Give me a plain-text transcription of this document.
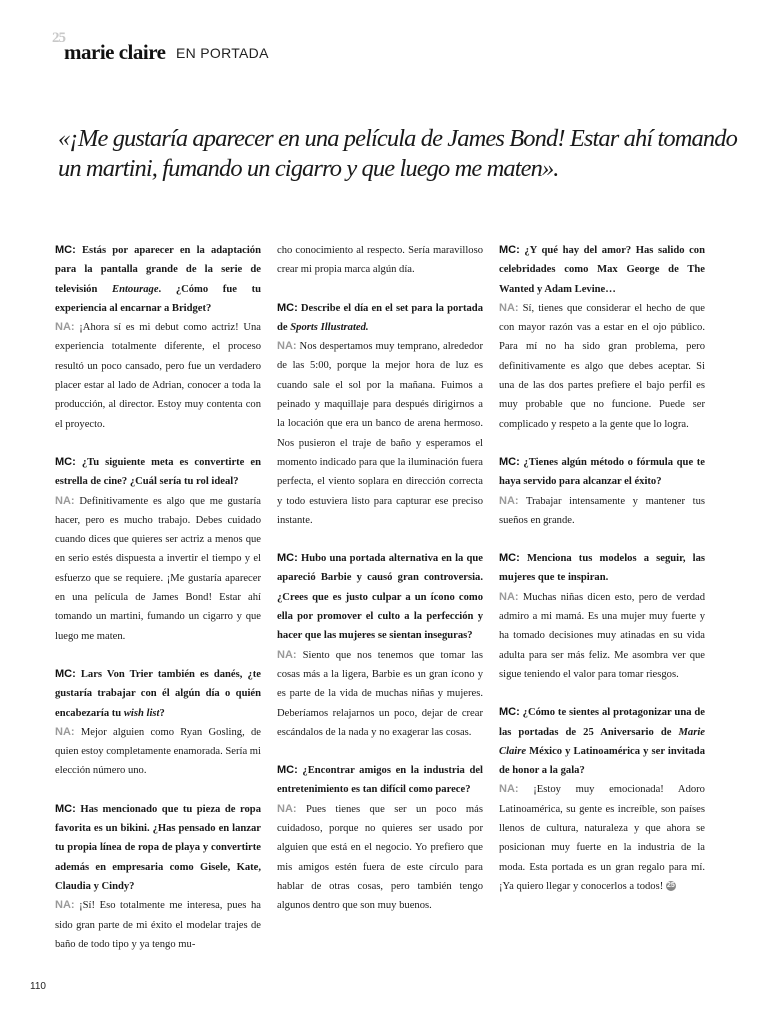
25
marie claire EN PORTADA
«¡Me gustaría aparecer en una película de James Bond! Estar ahí tomando un martini, fumando un cigarro y que luego me maten».

MC: Estás por aparecer en la adaptación para la pantalla grande de la serie de televisión Entourage. ¿Cómo fue tu experiencia al encarnar a Bridget?
NA: ¡Ahora sí es mi debut como actriz! Una experiencia totalmente diferente, el proceso resultó un poco cansado, pero fue un verdadero placer estar al lado de Adrian, conocer a toda la producción, al director. Estoy muy contenta con el proyecto.

MC: ¿Tu siguiente meta es convertirte en estrella de cine? ¿Cuál sería tu rol ideal?
NA: Definitivamente es algo que me gustaría hacer, pero es mucho trabajo. Debes cuidado cuando dices que quieres ser actriz a menos que en serio estés dispuesta a invertir el tiempo y el esfuerzo que se requiere. ¡Me gustaría aparecer en una película de James Bond! Estar ahí tomando un martini, fumando un cigarro y que luego me maten.

MC: Lars Von Trier también es danés, ¿te gustaría trabajar con él algún día o quién encabezaría tu wish list?
NA: Mejor alguien como Ryan Gosling, de quien estoy completamente enamorada. Sería mi elección número uno.

MC: Has mencionado que tu pieza de ropa favorita es un bikini. ¿Has pensado en lanzar tu propia línea de ropa de playa y convertirte además en empresaria como Gisele, Kate, Claudia y Cindy?
NA: ¡Sí! Eso totalmente me interesa, pues ha sido gran parte de mi éxito el modelar trajes de baño de todo tipo y ya tengo mu-

cho conocimiento al respecto. Sería maravilloso crear mi propia marca algún día.

MC: Describe el día en el set para la portada de Sports Illustrated.
NA: Nos despertamos muy temprano, alrededor de las 5:00, porque la mejor hora de luz es cuando sale el sol por la mañana. Fuimos a peinado y maquillaje para después dirigirnos a la locación que era un banco de arena hermoso. Nos pusieron el traje de baño y esperamos el momento indicado para que la iluminación fuera perfecta, el viento soplara en dirección correcta y todo estuviera listo para capturar ese preciso instante.

MC: Hubo una portada alternativa en la que apareció Barbie y causó gran controversia. ¿Crees que es justo culpar a un ícono como ella por promover el culto a la perfección y hacer que las mujeres se sientan inseguras?
NA: Siento que nos tenemos que tomar las cosas más a la ligera, Barbie es un gran ícono y es parte de la vida de muchas niñas y mujeres. Deberíamos relajarnos un poco, dejar de crear escándalos de la nada y no exagerar las cosas.

MC: ¿Encontrar amigos en la industria del entretenimiento es tan difícil como parece?
NA: Pues tienes que ser un poco más cuidadoso, porque no quieres ser usado por alguien que está en el negocio. Yo prefiero que mis amigos estén fuera de este círculo para hablar de otras cosas, pero también tengo algunos dentro que son muy buenos.

MC: ¿Y qué hay del amor? Has salido con celebridades como Max George de The Wanted y Adam Levine…
NA: Sí, tienes que considerar el hecho de que con mayor razón vas a estar en el ojo público. Para mí no ha sido gran problema, pero definitivamente es algo que debes aceptar. Si una de las dos partes prefiere el bajo perfil es muy probable que no funcione. Puede ser complicado y respeto a la gente que lo logra.

MC: ¿Tienes algún método o fórmula que te haya servido para alcanzar el éxito?
NA: Trabajar intensamente y mantener tus sueños en grande.

MC: Menciona tus modelos a seguir, las mujeres que te inspiran.
NA: Muchas niñas dicen esto, pero de verdad admiro a mi mamá. Es una mujer muy fuerte y ha tomado decisiones muy atinadas en su vida adulta para ser más feliz. Me asombra ver que sigue teniendo el valor para tomar riesgos.

MC: ¿Cómo te sientes al protagonizar una de las portadas de 25 Aniversario de Marie Claire México y Latinoamérica y ser invitada de honor a la gala?
NA: ¡Estoy muy emocionada! Adoro Latinoamérica, su gente es increíble, son países llenos de cultura, naturaleza y que ahora se posicionan muy fuerte en la industria de la moda. Esta portada es un gran regalo para mí. ¡Ya quiero llegar y conocerlos a todos! 25

110
